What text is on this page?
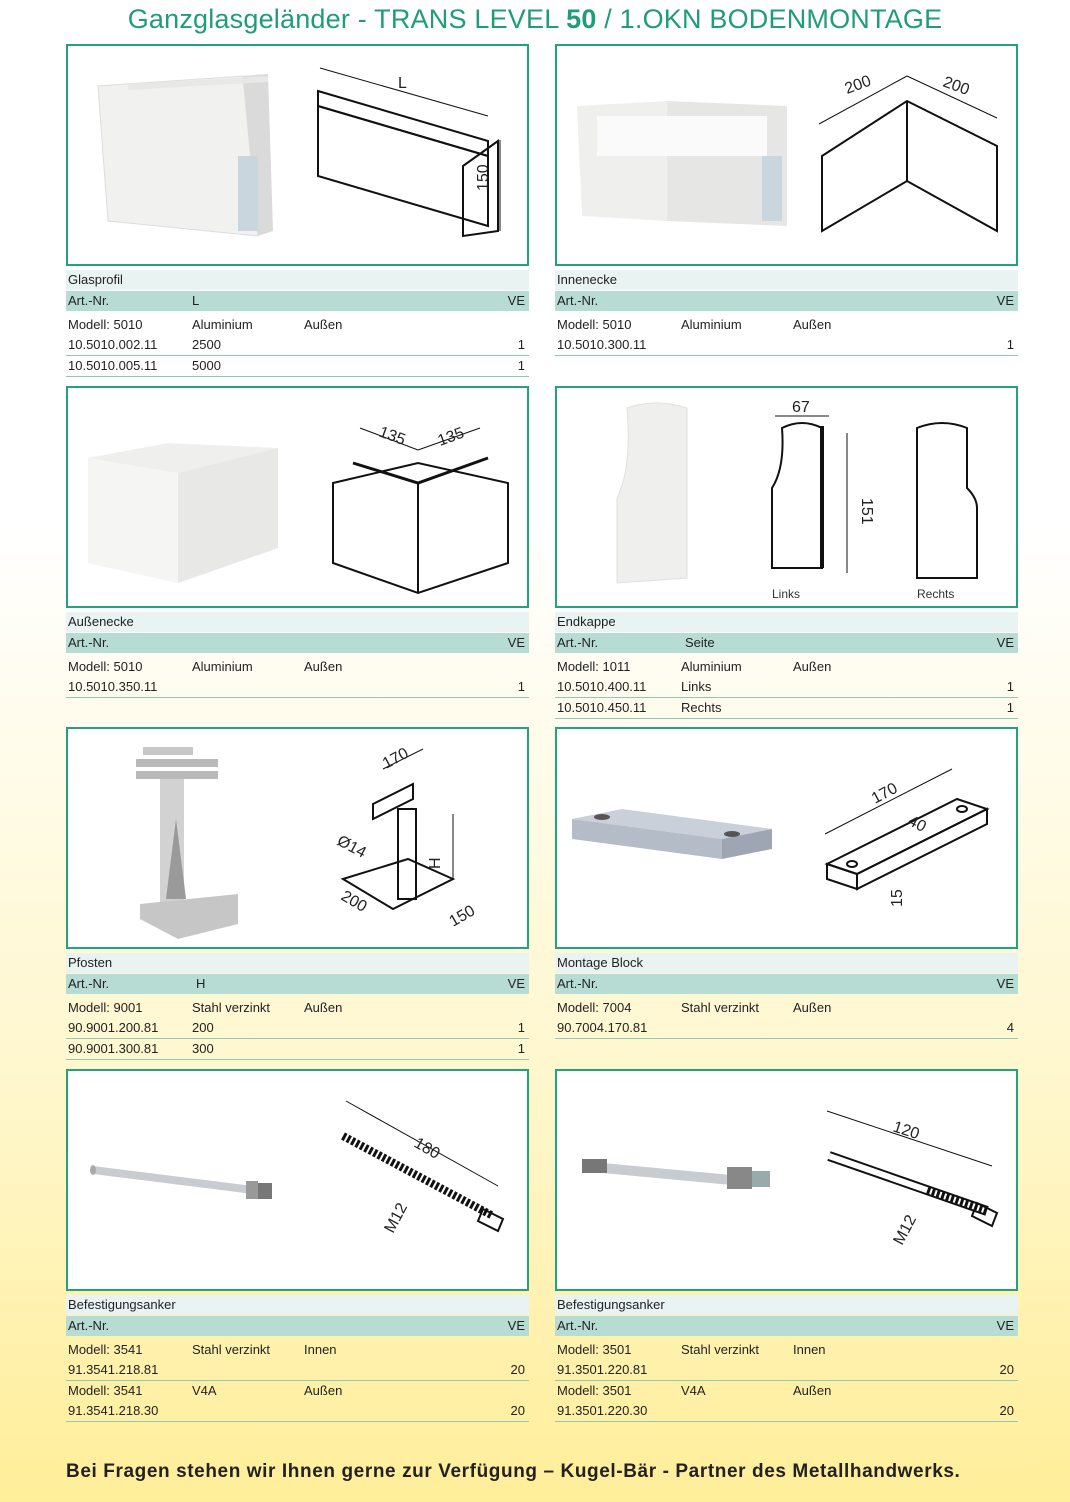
Ganzglasgeländer - TRANS LEVEL 50 / 1.OKN BODENMONTAGE
L
150
Glasprofil
Art.-Nr.	L	VE
Modell: 5010	Aluminium	Außen
10.5010.002.11	2500	1
10.5010.005.11	5000	1
200	200
Innenecke
Art.-Nr.	VE
Modell: 5010	Aluminium	Außen
10.5010.300.11	1
135 135
Außenecke
Art.-Nr.	VE
Modell: 5010	Aluminium	Außen
10.5010.350.11	1
67
151
Links	Rechts
Endkappe
Art.-Nr.	Seite	VE
Modell: 1011	Aluminium	Außen
10.5010.400.11	Links	1
10.5010.450.11	Rechts	1
170
Ø14
H
200
150
Pfosten
Art.-Nr.	H	VE
Modell: 9001	Stahl verzinkt	Außen
90.9001.200.81	200	1
90.9001.300.81	300	1
170
40
15
Montage Block
Art.-Nr.	VE
Modell: 7004	Stahl verzinkt	Außen
90.7004.170.81	4
180
M12
Befestigungsanker
Art.-Nr.	VE
Modell: 3541	Stahl verzinkt	Innen
91.3541.218.81	20
Modell: 3541	V4A	Außen
91.3541.218.30	20
120
M12
Befestigungsanker
Art.-Nr.	VE
Modell: 3501	Stahl verzinkt	Innen
91.3501.220.81	20
Modell: 3501	V4A	Außen
91.3501.220.30	20
Bei Fragen stehen wir Ihnen gerne zur Verfügung – Kugel-Bär - Partner des Metallhandwerks.
